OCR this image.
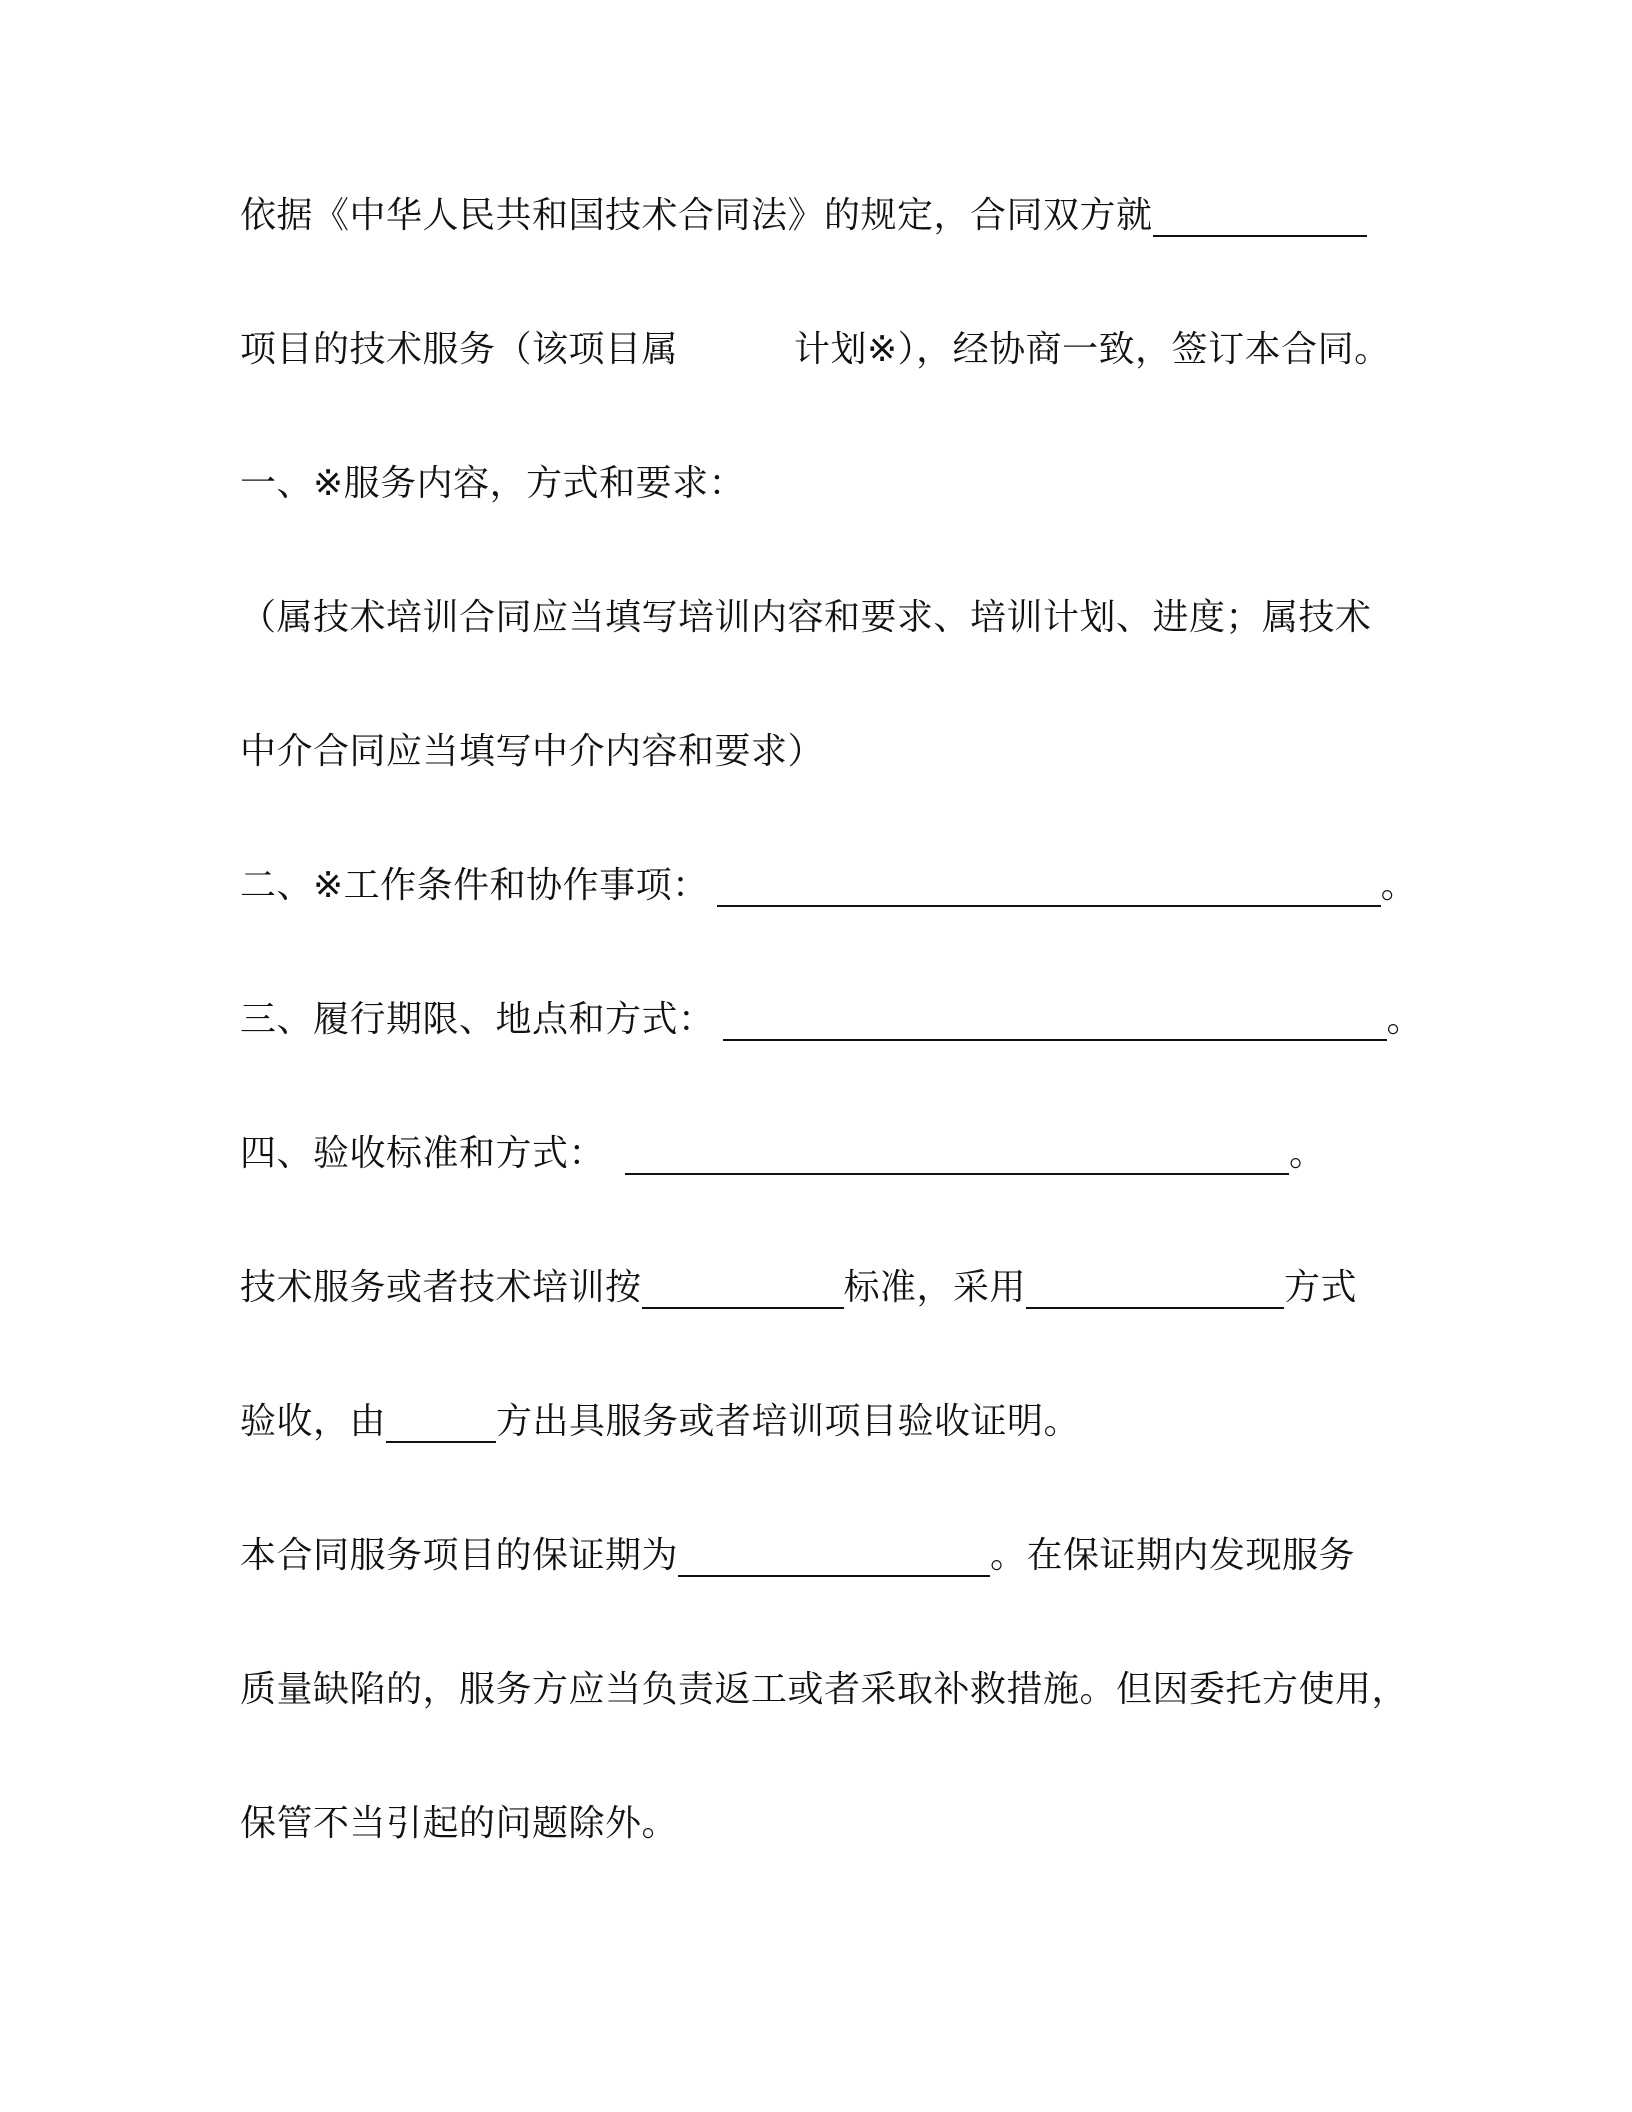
依据《中华人民共和国技术合同法》的规定，合同双方就
项目的技术服务（该项目属	计划※），经协商一致，签订本合同。
一、※服务内容，方式和要求：
（属技术培训合同应当填写培训内容和要求、培训计划、进度；属技术
中介合同应当填写中介内容和要求）
二、※工作条件和协作事项：	。
三、履行期限、地点和方式：	。
四、验收标准和方式：	。
技术服务或者技术培训按	标准，采用	方式
验收，由	方出具服务或者培训项目验收证明。
本合同服务项目的保证期为	。在保证期内发现服务
质量缺陷的，服务方应当负责返工或者采取补救措施。但因委托方使用，
保管不当引起的问题除外。
